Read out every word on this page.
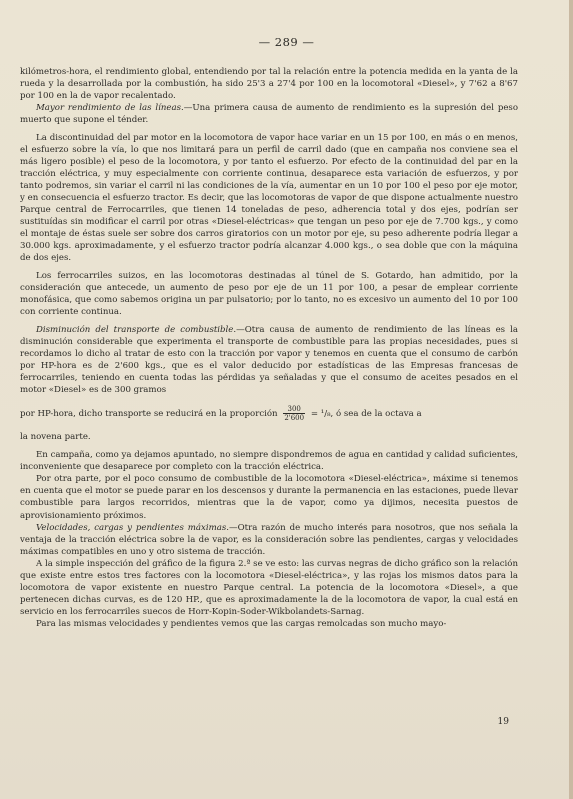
— 289 —

kilómetros-hora, el rendimiento global, entendiendo por tal la relación entre la potencia medida en la yanta de la rueda y la desarrollada por la combustión, ha sido 25'3 a 27'4 por 100 en la locomotoral «Diesel», y 7'62 a 8'67 por 100 en la de vapor recalentado.

Mayor rendimiento de las líneas.—Una primera causa de aumento de rendimiento es la supresión del peso muerto que supone el ténder.

La discontinuidad del par motor en la locomotora de vapor hace variar en un 15 por 100, en más o en menos, el esfuerzo sobre la vía, lo que nos limitará para un perfil de carril dado (que en campaña nos conviene sea el más ligero posible) el peso de la locomotora, y por tanto el esfuerzo. Por efecto de la continuidad del par en la tracción eléctrica, y muy especialmente con corriente continua, desaparece esta variación de esfuerzos, y por tanto podremos, sin variar el carril ni las condiciones de la vía, aumentar en un 10 por 100 el peso por eje motor, y en consecuencia el esfuerzo tractor. Es decir, que las locomotoras de vapor de que dispone actualmente nuestro Parque central de Ferrocarriles, que tienen 14 toneladas de peso, adherencia total y dos ejes, podrían ser sustituídas sin modificar el carril por otras «Diesel-eléctricas» que tengan un peso por eje de 7.700 kgs., y como el montaje de éstas suele ser sobre dos carros giratorios con un motor por eje, su peso adherente podría llegar a 30.000 kgs. aproximadamente, y el esfuerzo tractor podría alcanzar 4.000 kgs., o sea doble que con la máquina de dos ejes.

Los ferrocarriles suizos, en las locomotoras destinadas al túnel de S. Gotardo, han admitido, por la consideración que antecede, un aumento de peso por eje de un 11 por 100, a pesar de emplear corriente monofásica, que como sabemos origina un par pulsatorio; por lo tanto, no es excesivo un aumento del 10 por 100 con corriente continua.

Disminución del transporte de combustible.—Otra causa de aumento de rendimiento de las líneas es la disminución considerable que experimenta el transporte de combustible para las propias necesidades, pues si recordamos lo dicho al tratar de esto con la tracción por vapor y tenemos en cuenta que el consumo de carbón por HP-hora es de 2'600 kgs., que es el valor deducido por estadísticas de las Empresas francesas de ferrocarriles, teniendo en cuenta todas las pérdidas ya señaladas y que el consumo de aceites pesados en el motor «Diesel» es de 300 gramos

por HP-hora, dicho transporte se reducirá en la proporción $\frac{300}{2'600} = ^1/_8$, ó sea de la octava a

la novena parte.

En campaña, como ya dejamos apuntado, no siempre dispondremos de agua en cantidad y calidad suficientes, inconveniente que desaparece por completo con la tracción eléctrica.

Por otra parte, por el poco consumo de combustible de la locomotora «Diesel-eléctrica», máxime si tenemos en cuenta que el motor se puede parar en los descensos y durante la permanencia en las estaciones, puede llevar combustible para largos recorridos, mientras que la de vapor, como ya dijimos, necesita puestos de aprovisionamiento próximos.

Velocidades, cargas y pendientes máximas.—Otra razón de mucho interés para nosotros, que nos señala la ventaja de la tracción eléctrica sobre la de vapor, es la consideración sobre las pendientes, cargas y velocidades máximas compatibles en uno y otro sistema de tracción.

A la simple inspección del gráfico de la figura 2.ª se ve esto: las curvas negras de dicho gráfico son la relación que existe entre estos tres factores con la locomotora «Diesel-eléctrica», y las rojas los mismos datos para la locomotora de vapor existente en nuestro Parque central. La potencia de la locomotora «Diesel», a que pertenecen dichas curvas, es de 120 HP., que es aproximadamente la de la locomotora de vapor, la cual está en servicio en los ferrocarriles suecos de Horr-Kopin-Soder-Wikbolandets-Sarnag.

Para las mismas velocidades y pendientes vemos que las cargas remolcadas son mucho mayo-

19
